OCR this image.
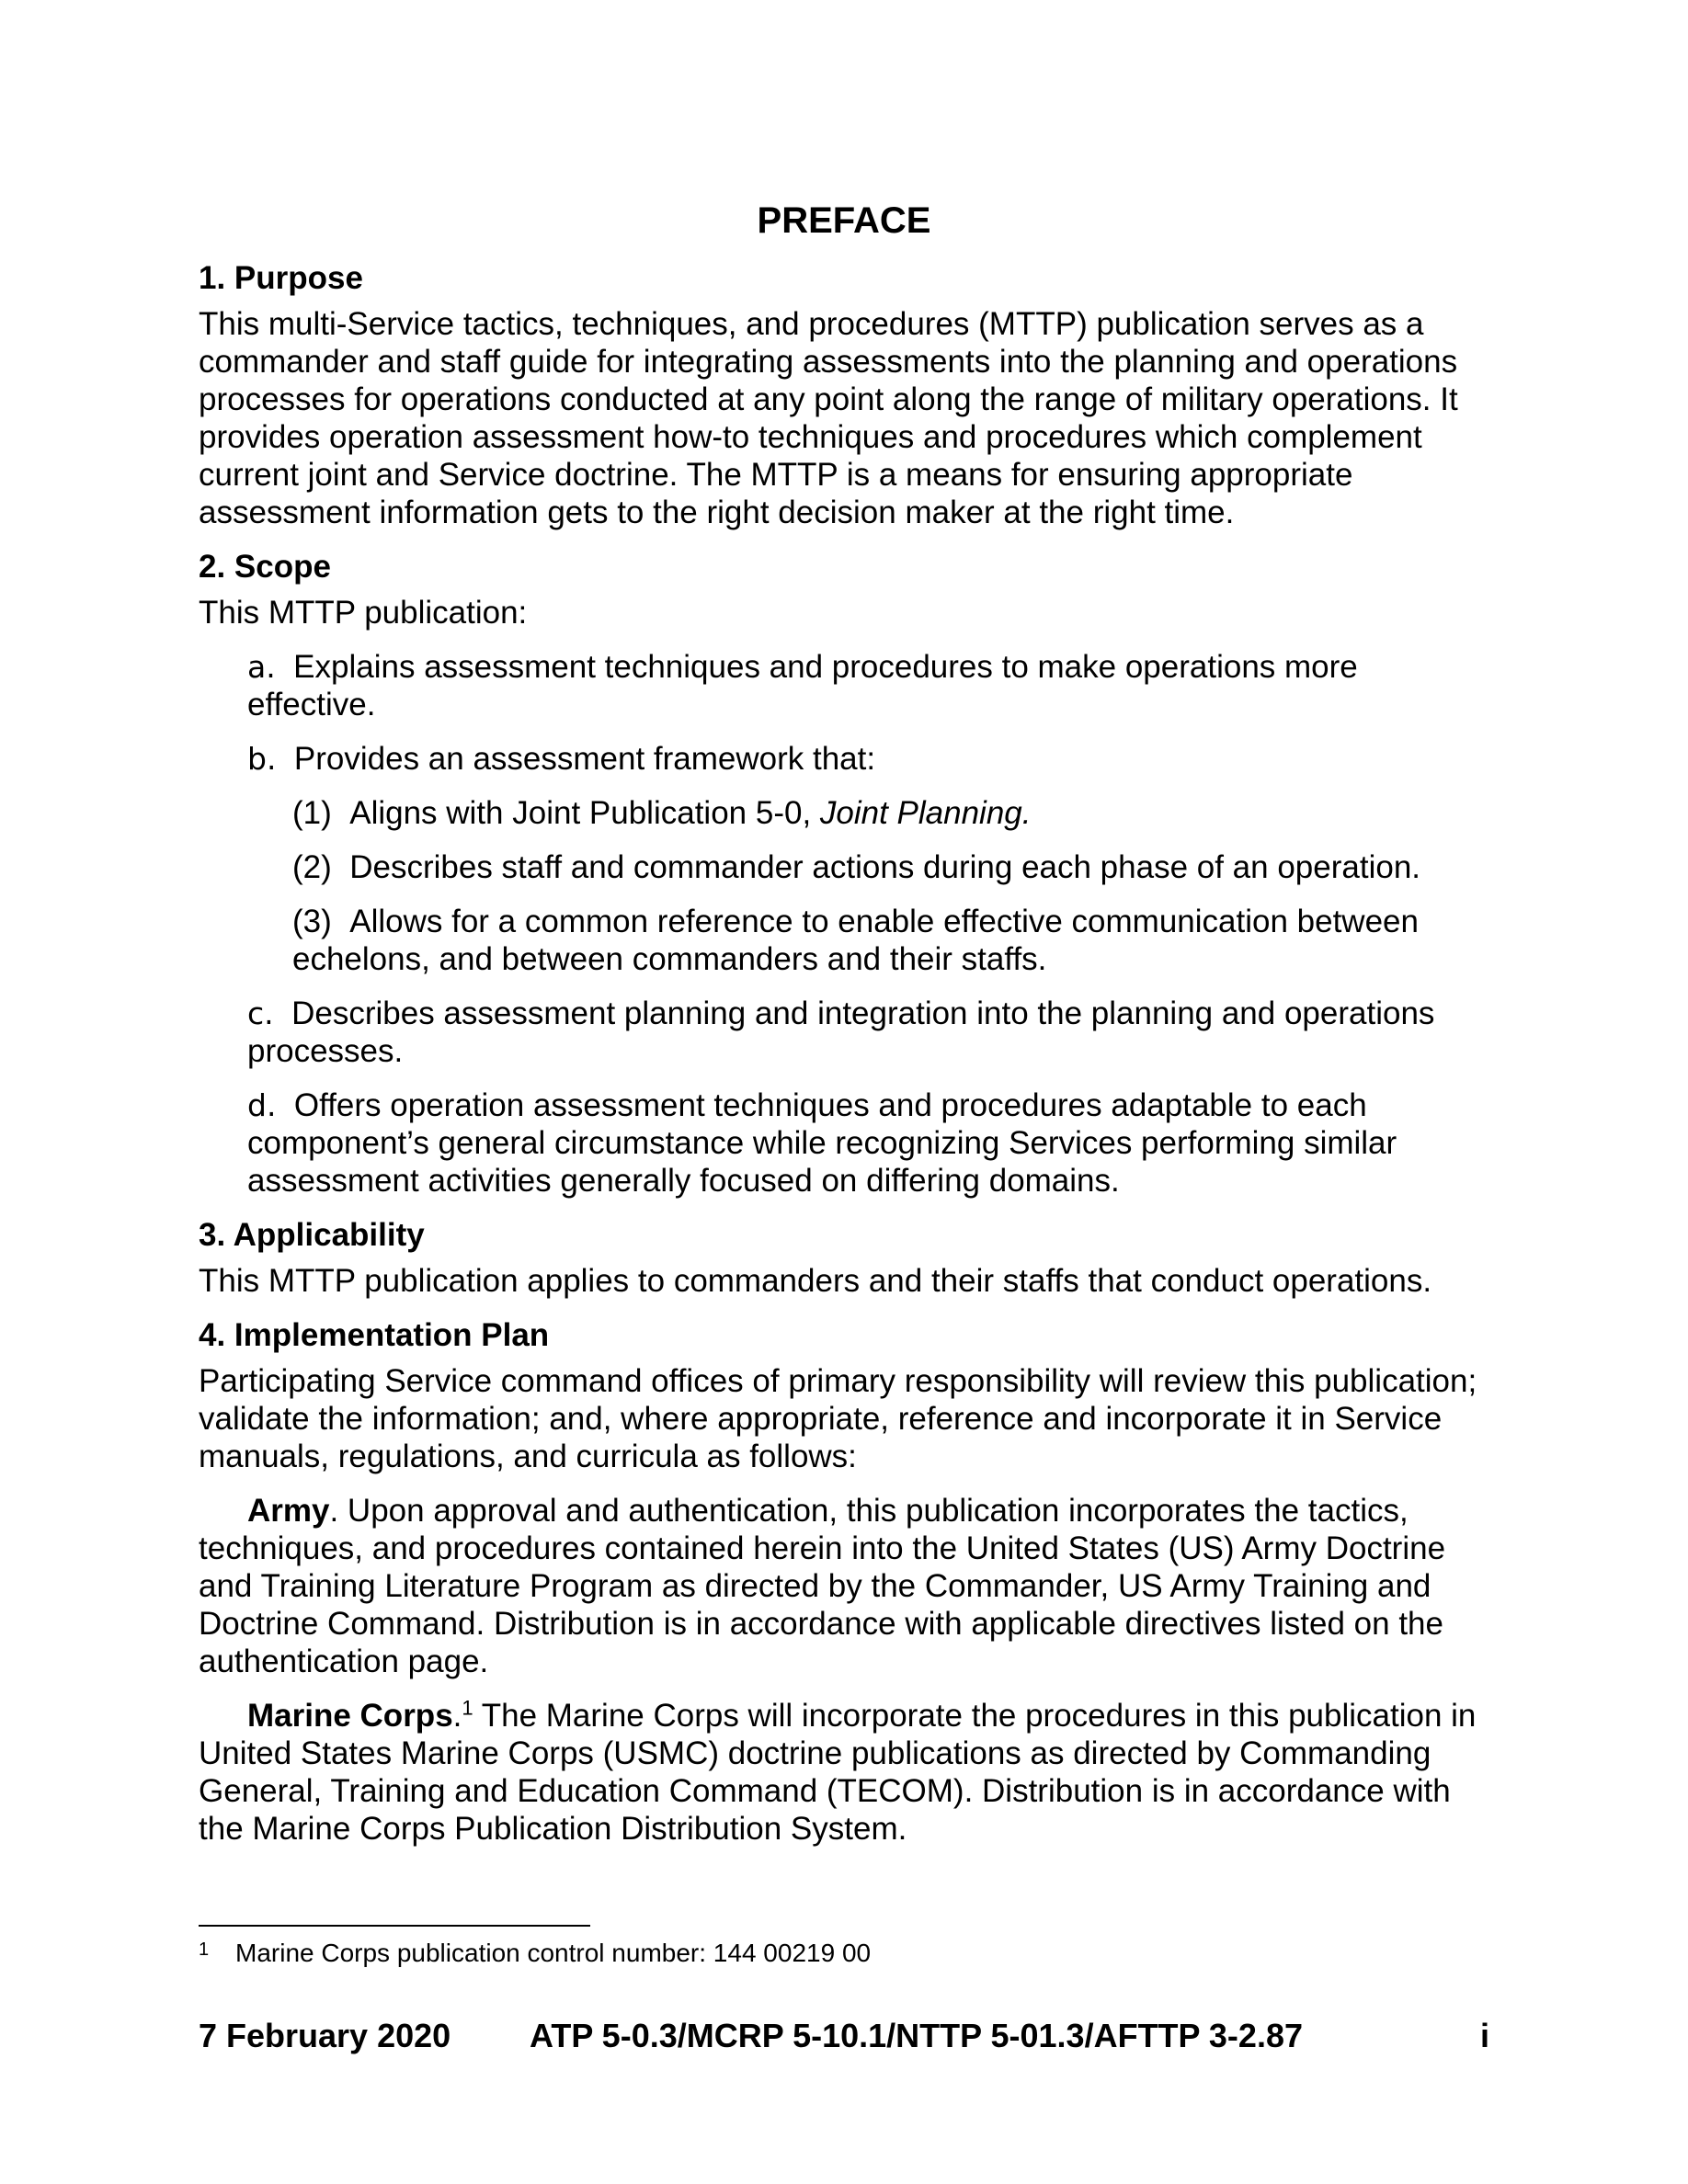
PREFACE
1. Purpose

This multi-Service tactics, techniques, and procedures (MTTP) publication serves as a commander and staff guide for integrating assessments into the planning and operations processes for operations conducted at any point along the range of military operations. It provides operation assessment how-to techniques and procedures which complement current joint and Service doctrine. The MTTP is a means for ensuring appropriate assessment information gets to the right decision maker at the right time.

2. Scope

This MTTP publication:

a. Explains assessment techniques and procedures to make operations more effective.

b. Provides an assessment framework that:

(1) Aligns with Joint Publication 5-0, Joint Planning.

(2) Describes staff and commander actions during each phase of an operation.

(3) Allows for a common reference to enable effective communication between echelons, and between commanders and their staffs.

c. Describes assessment planning and integration into the planning and operations processes.

d. Offers operation assessment techniques and procedures adaptable to each component’s general circumstance while recognizing Services performing similar assessment activities generally focused on differing domains.

3. Applicability

This MTTP publication applies to commanders and their staffs that conduct operations.

4. Implementation Plan

Participating Service command offices of primary responsibility will review this publication; validate the information; and, where appropriate, reference and incorporate it in Service manuals, regulations, and curricula as follows:

Army. Upon approval and authentication, this publication incorporates the tactics, techniques, and procedures contained herein into the United States (US) Army Doctrine and Training Literature Program as directed by the Commander, US Army Training and Doctrine Command. Distribution is in accordance with applicable directives listed on the authentication page.

Marine Corps.$^1$ The Marine Corps will incorporate the procedures in this publication in United States Marine Corps (USMC) doctrine publications as directed by Commanding General, Training and Education Command (TECOM). Distribution is in accordance with the Marine Corps Publication Distribution System.

1 Marine Corps publication control number: 144 00219 00
7 February 2020 ATP 5-0.3/MCRP 5-10.1/NTTP 5-01.3/AFTTP 3-2.87	i
